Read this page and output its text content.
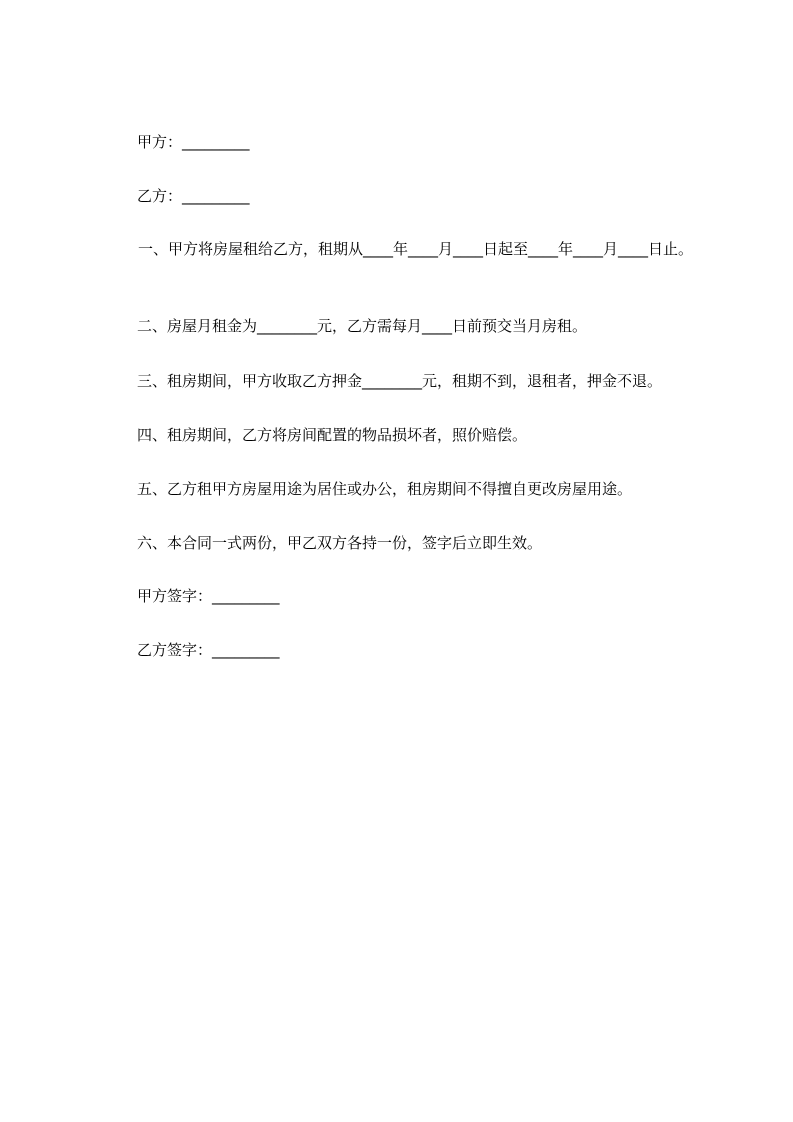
甲方：_________
乙方：_________
一、甲方将房屋租给乙方，租期从____年____月____日起至____年____月____日止。
二、房屋月租金为________元，乙方需每月____日前预交当月房租。
三、租房期间，甲方收取乙方押金________元，租期不到，退租者，押金不退。
四、租房期间，乙方将房间配置的物品损坏者，照价赔偿。
五、乙方租甲方房屋用途为居住或办公，租房期间不得擅自更改房屋用途。
六、本合同一式两份，甲乙双方各持一份，签字后立即生效。
甲方签字：_________
乙方签字：_________
